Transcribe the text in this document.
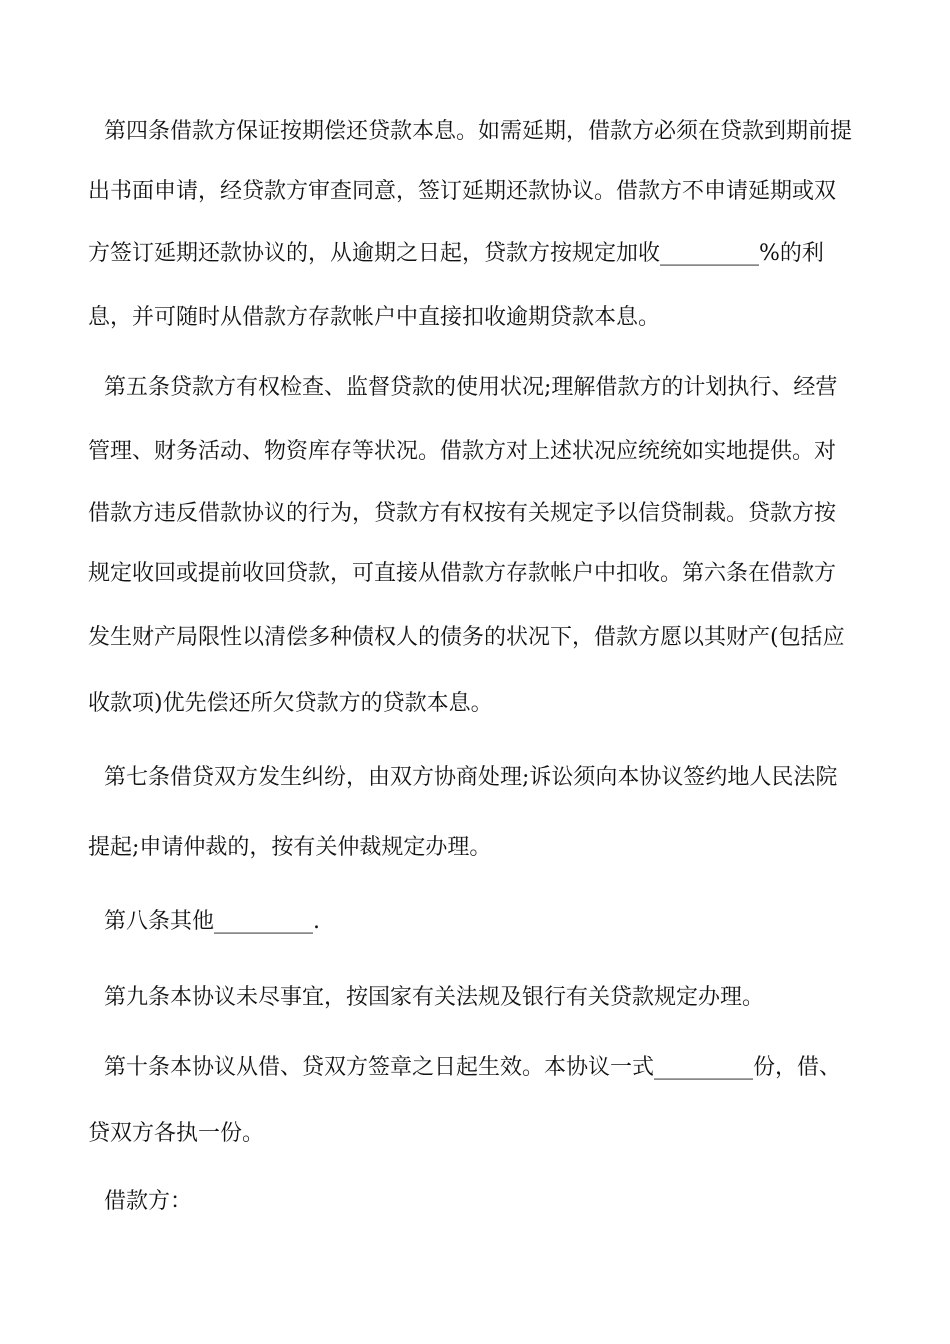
第四条借款方保证按期偿还贷款本息。如需延期，借款方必须在贷款到期前提
出书面申请，经贷款方审查同意，签订延期还款协议。借款方不申请延期或双
方签订延期还款协议的，从逾期之日起，贷款方按规定加收_________%的利
息，并可随时从借款方存款帐户中直接扣收逾期贷款本息。
第五条贷款方有权检查、监督贷款的使用状况;理解借款方的计划执行、经营
管理、财务活动、物资库存等状况。借款方对上述状况应统统如实地提供。对
借款方违反借款协议的行为，贷款方有权按有关规定予以信贷制裁。贷款方按
规定收回或提前收回贷款，可直接从借款方存款帐户中扣收。第六条在借款方
发生财产局限性以清偿多种债权人的债务的状况下，借款方愿以其财产(包括应
收款项)优先偿还所欠贷款方的贷款本息。
第七条借贷双方发生纠纷，由双方协商处理;诉讼须向本协议签约地人民法院
提起;申请仲裁的，按有关仲裁规定办理。
第八条其他_________.
第九条本协议未尽事宜，按国家有关法规及银行有关贷款规定办理。
第十条本协议从借、贷双方签章之日起生效。本协议一式_________份，借、
贷双方各执一份。
借款方：
